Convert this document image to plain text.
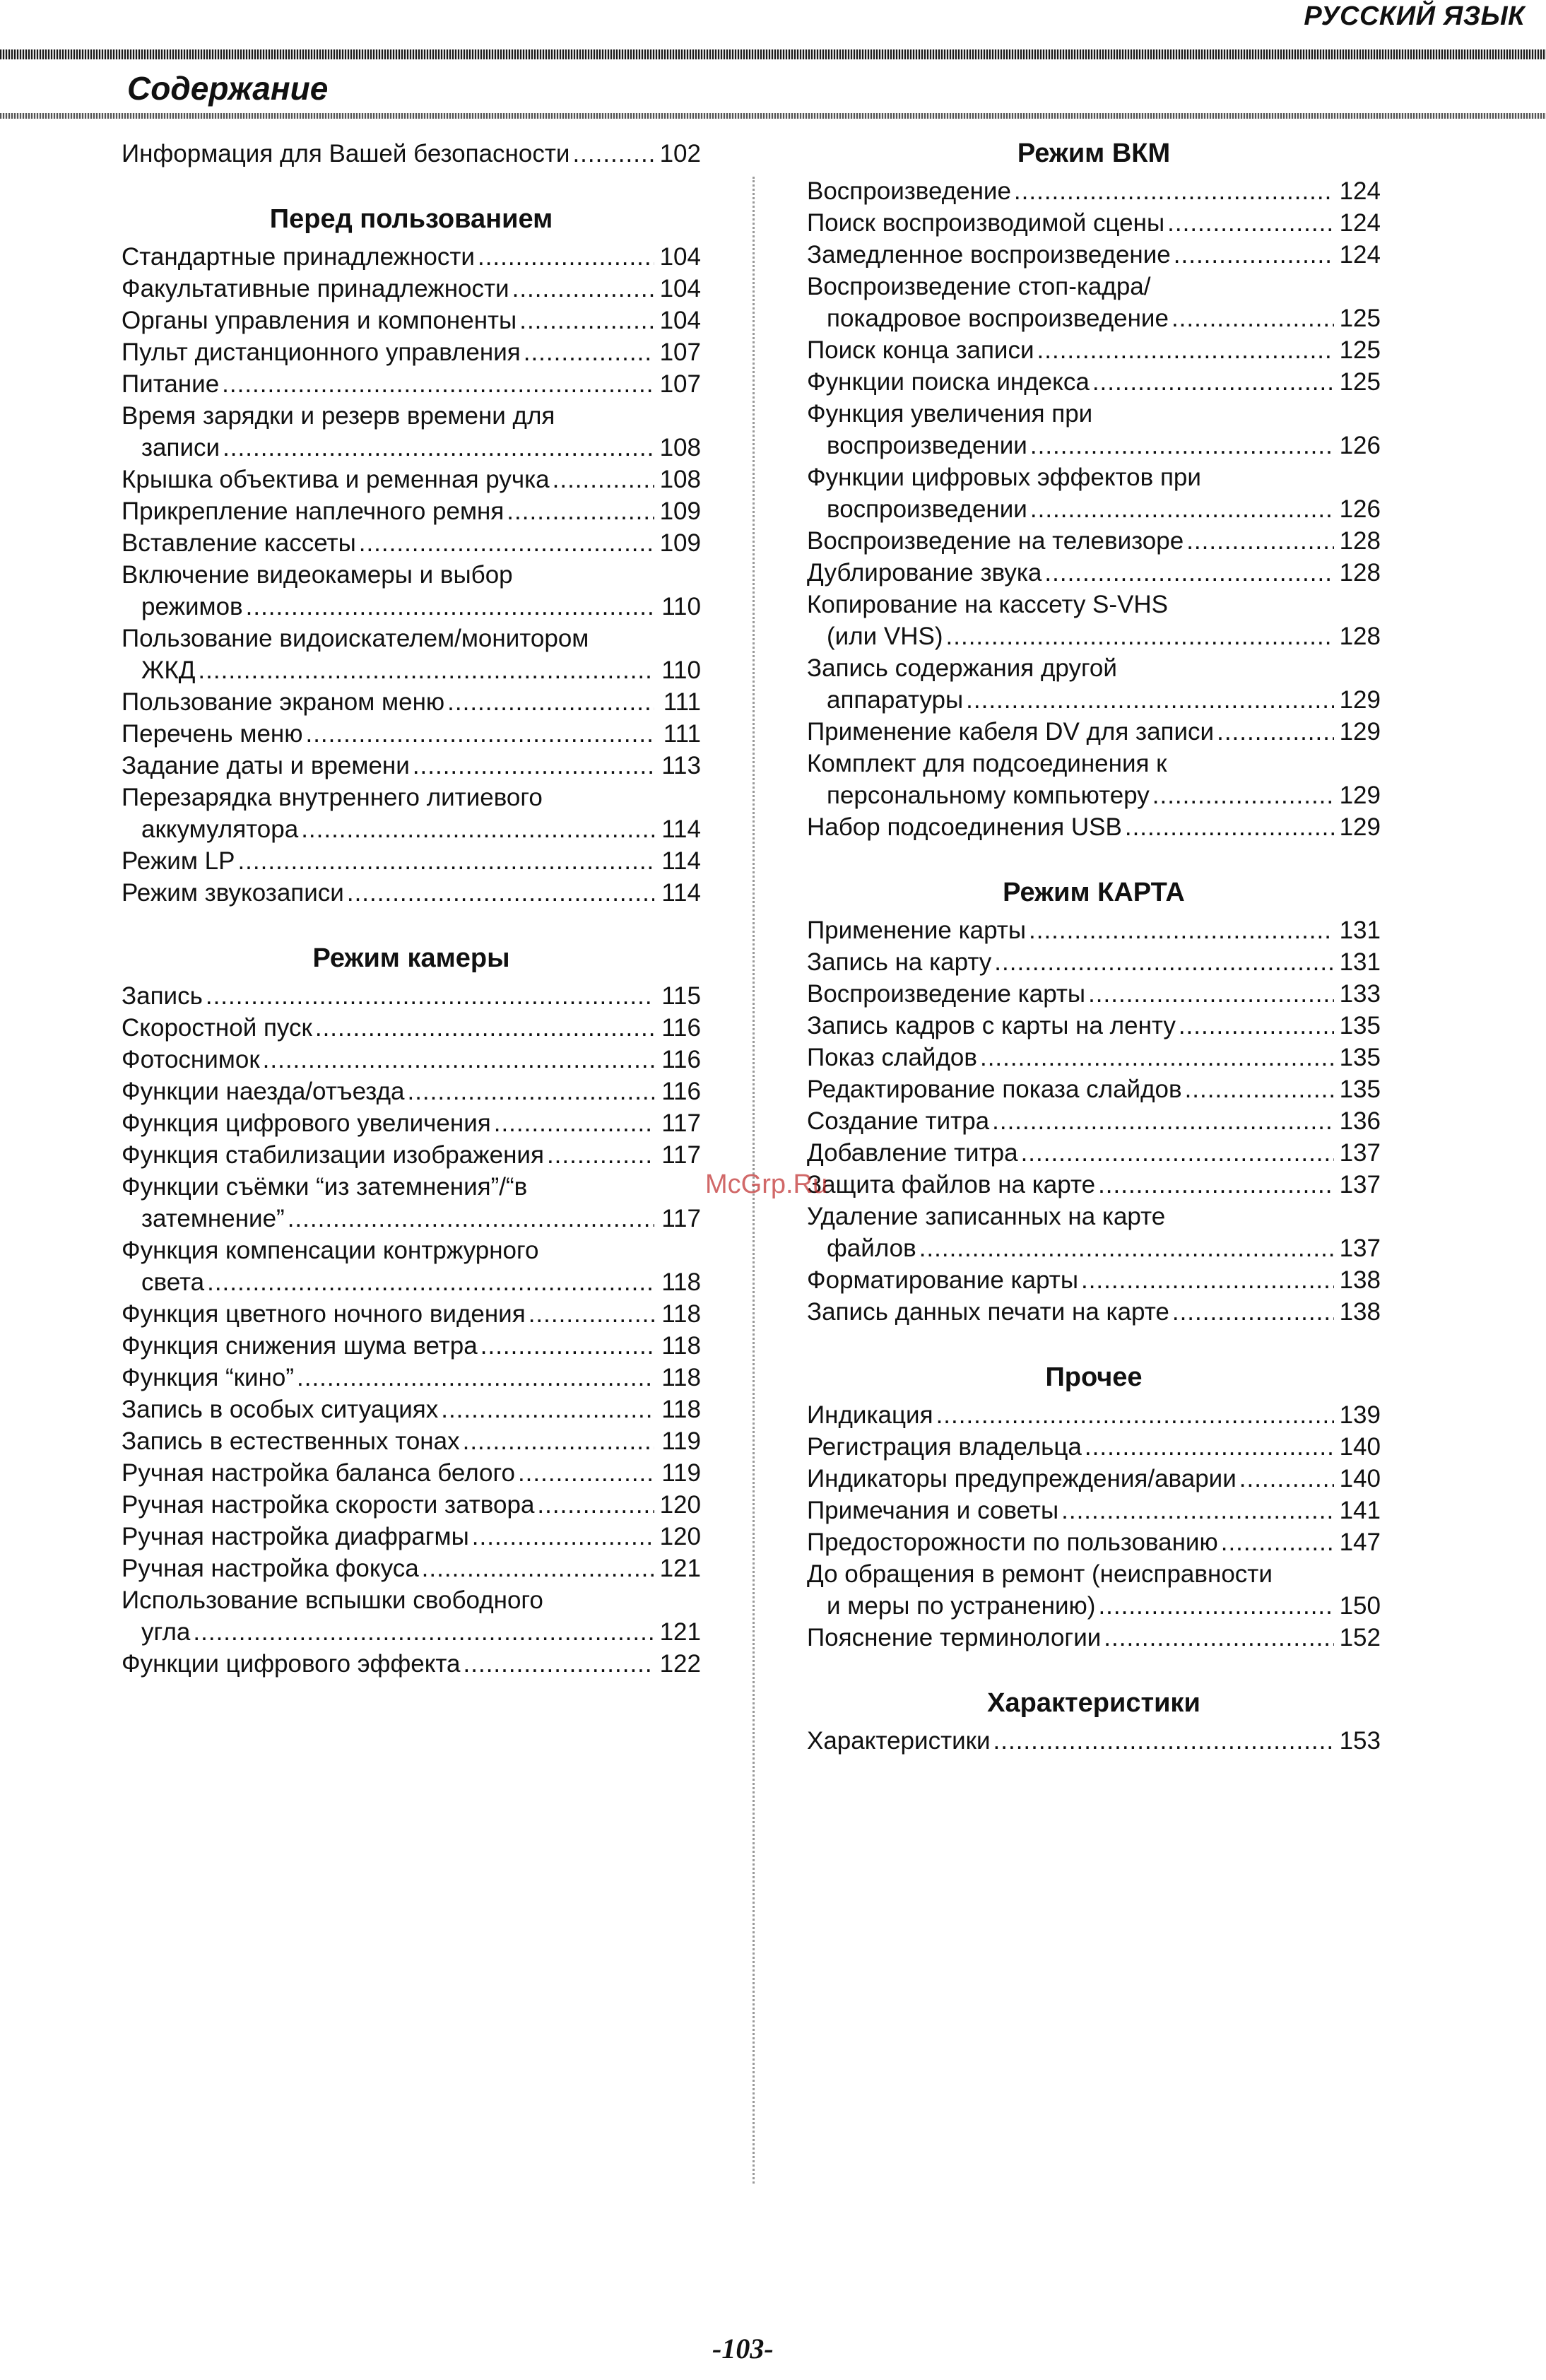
РУССКИЙ ЯЗЫК
Содержание
Информация для Вашей безопасности .....	102
Перед пользованием
Стандартные принадлежности .....	104
Факультативные принадлежности .....	104
Органы управления и компоненты .....	104
Пульт дистанционного управления .....	107
Питание .....	107
Время зарядки и резерв времени для
записи .....	108
Крышка объектива и ременная ручка .....	108
Прикрепление наплечного ремня .....	109
Вставление кассеты .....	109
Включение видеокамеры и выбор
режимов .....	110
Пользование видоискателем/монитором
ЖКД .....	110
Пользование экраном меню .....	111
Перечень меню .....	111
Задание даты и времени .....	113
Перезарядка внутреннего литиевого
аккумулятора .....	114
Режим LP .....	114
Режим звукозаписи .....	114
Режим камеры
Запись .....	115
Скоростной пуск .....	116
Фотоснимок .....	116
Функции наезда/отъезда .....	116
Функция цифрового увеличения .....	117
Функция стабилизации изображения .....	117
Функции съёмки “из затемнения”/“в
затемнение” .....	117
Функция компенсации контржурного
света .....	118
Функция цветного ночного видения .....	118
Функция снижения шума ветра .....	118
Функция “кино” .....	118
Запись в особых ситуациях .....	118
Запись в естественных тонах .....	119
Ручная настройка баланса белого .....	119
Ручная настройка скорости затвора .....	120
Ручная настройка диафрагмы .....	120
Ручная настройка фокуса .....	121
Использование вспышки свободного
угла .....	121
Функции цифрового эффекта .....	122
Режим ВКМ
Воспроизведение .....	124
Поиск воспроизводимой сцены .....	124
Замедленное воспроизведение .....	124
Воспроизведение стоп-кадра/
покадровое воспроизведение .....	125
Поиск конца записи .....	125
Функции поиска индекса .....	125
Функция увеличения при
воспроизведении .....	126
Функции цифровых эффектов при
воспроизведении .....	126
Воспроизведение на телевизоре .....	128
Дублирование звука .....	128
Копирование на кассету S-VHS
(или VHS) .....	128
Запись содержания другой
аппаратуры .....	129
Применение кабеля DV для записи .....	129
Комплект для подсоединения к
персональному компьютеру .....	129
Набор подсоединения USB .....	129
Режим КАРТА
Применение карты .....	131
Запись на карту .....	131
Воспроизведение карты .....	133
Запись кадров с карты на ленту .....	135
Показ слайдов .....	135
Редактирование показа слайдов .....	135
Создание титра .....	136
Добавление титра .....	137
Защита файлов на карте .....	137
Удаление записанных на карте
файлов .....	137
Форматирование карты .....	138
Запись данных печати на карте .....	138
Прочее
Индикация .....	139
Регистрация владельца .....	140
Индикаторы предупреждения/аварии .....	140
Примечания и советы .....	141
Предосторожности по пользованию .....	147
До обращения в ремонт (неисправности
и меры по устранению) .....	150
Пояснение терминологии .....	152
Характеристики
Характеристики .....	153
McGrp.Ru
-103-
